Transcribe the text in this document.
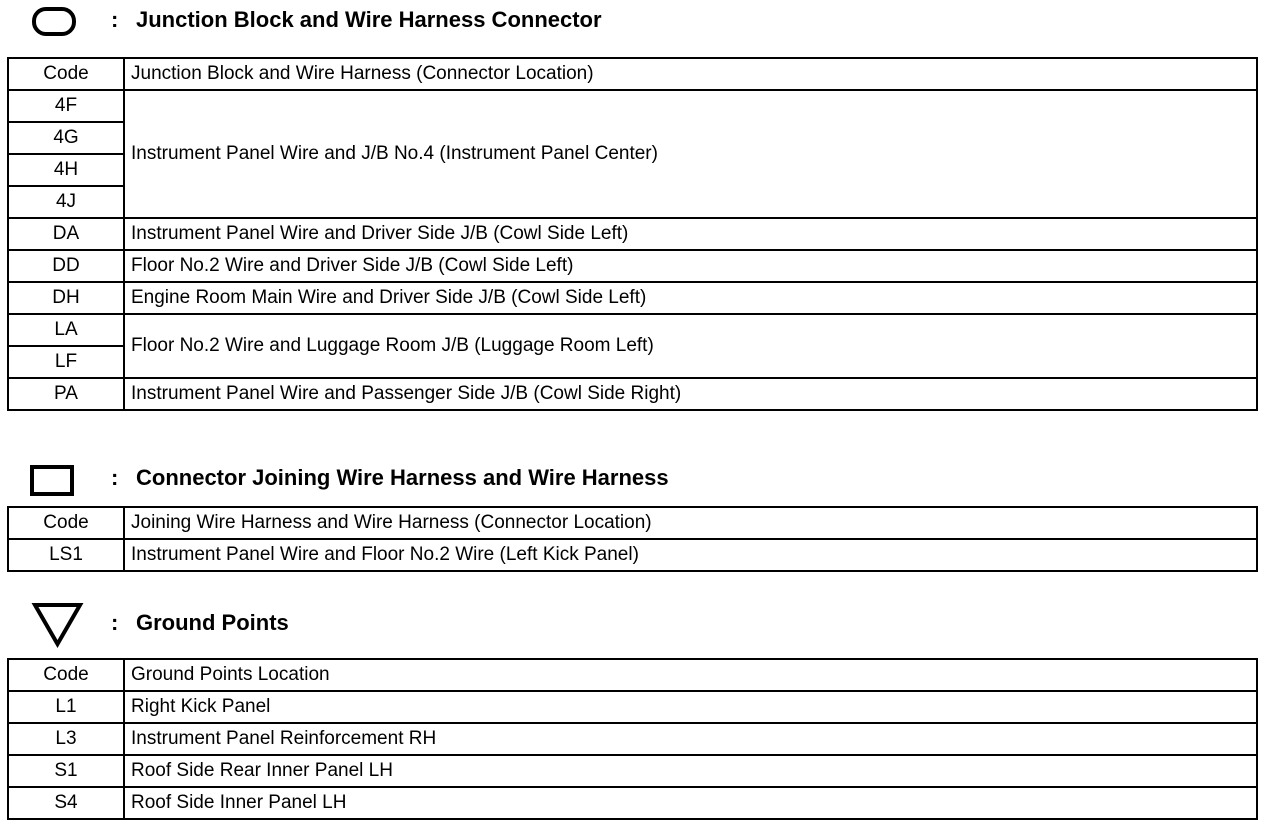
: Junction Block and Wire Harness Connector
Code	Junction Block and Wire Harness (Connector Location)
4F	Instrument Panel Wire and J/B No.4 (Instrument Panel Center)
4G	
4H	
4J	
DA	Instrument Panel Wire and Driver Side J/B (Cowl Side Left)
DD	Floor No.2 Wire and Driver Side J/B (Cowl Side Left)
DH	Engine Room Main Wire and Driver Side J/B (Cowl Side Left)
LA	Floor No.2 Wire and Luggage Room J/B (Luggage Room Left)
LF	
PA	Instrument Panel Wire and Passenger Side J/B (Cowl Side Right)
: Connector Joining Wire Harness and Wire Harness
Code	Joining Wire Harness and Wire Harness (Connector Location)
LS1	Instrument Panel Wire and Floor No.2 Wire (Left Kick Panel)
: Ground Points
Code	Ground Points Location
L1	Right Kick Panel
L3	Instrument Panel Reinforcement RH
S1	Roof Side Rear Inner Panel LH
S4	Roof Side Inner Panel LH
